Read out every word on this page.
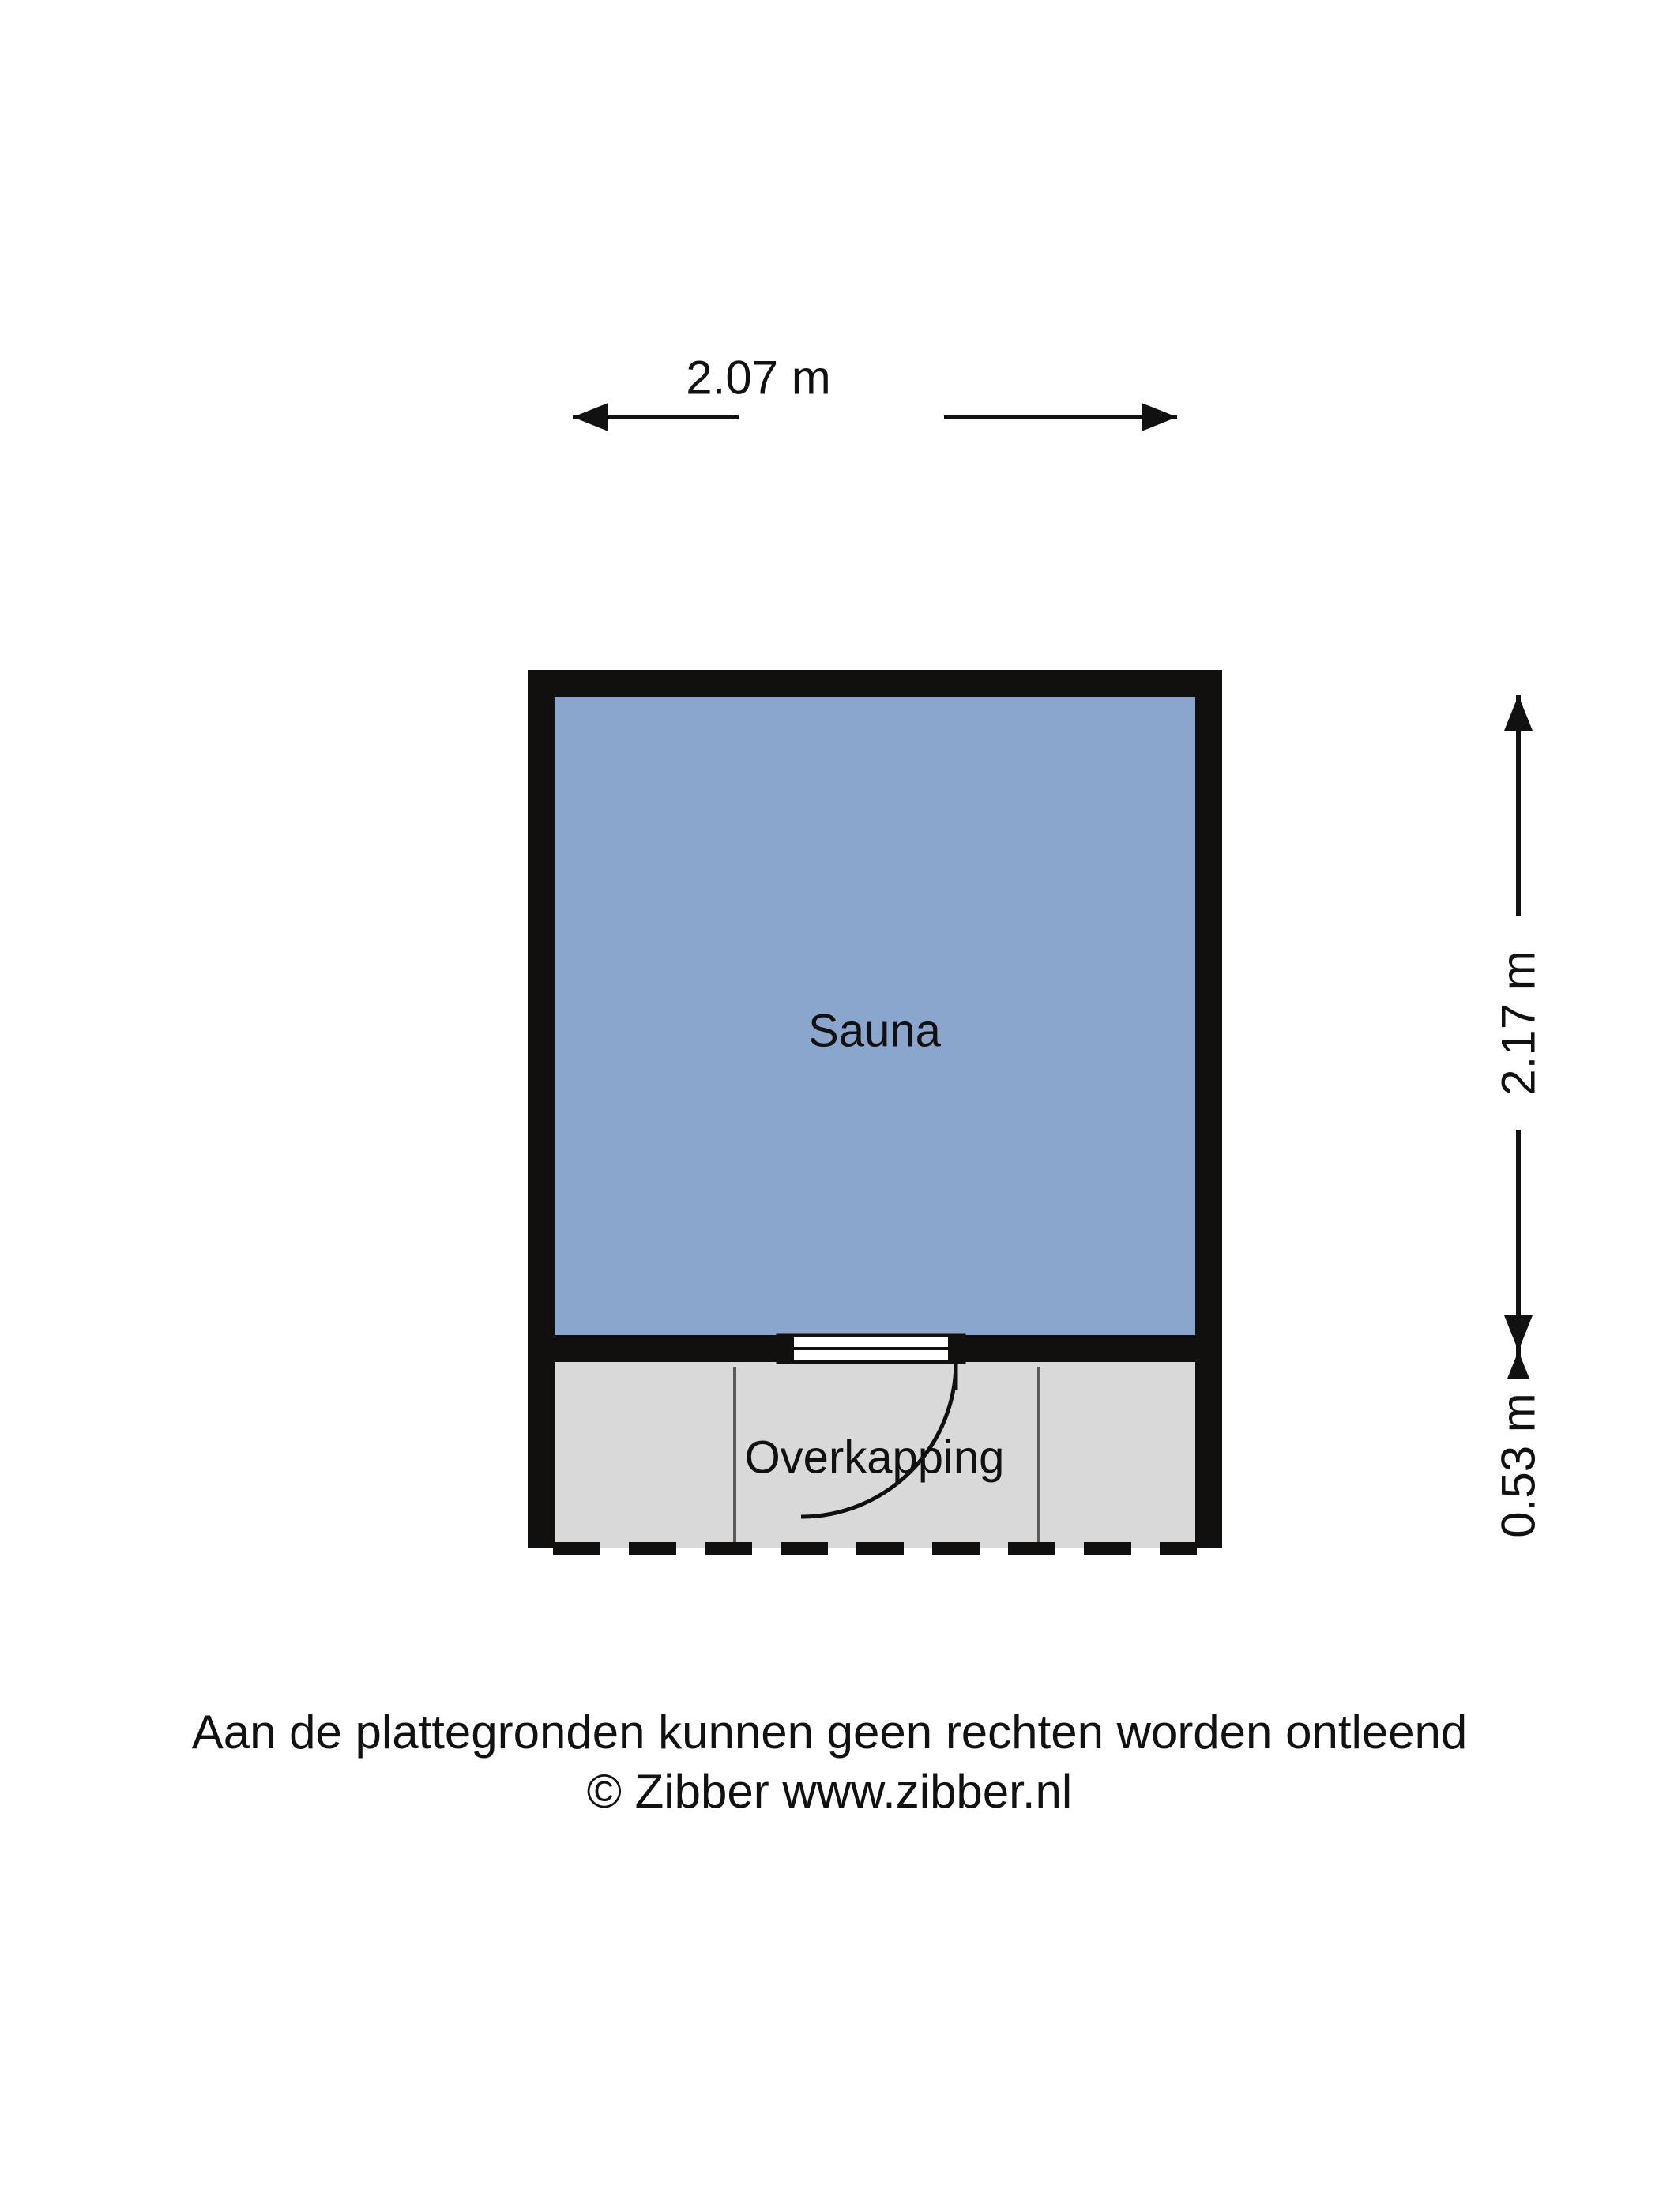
2.07 m
2.17 m
0.53 m
Sauna
Overkapping
Aan de plattegronden kunnen geen rechten worden ontleend
© Zibber www.zibber.nl
